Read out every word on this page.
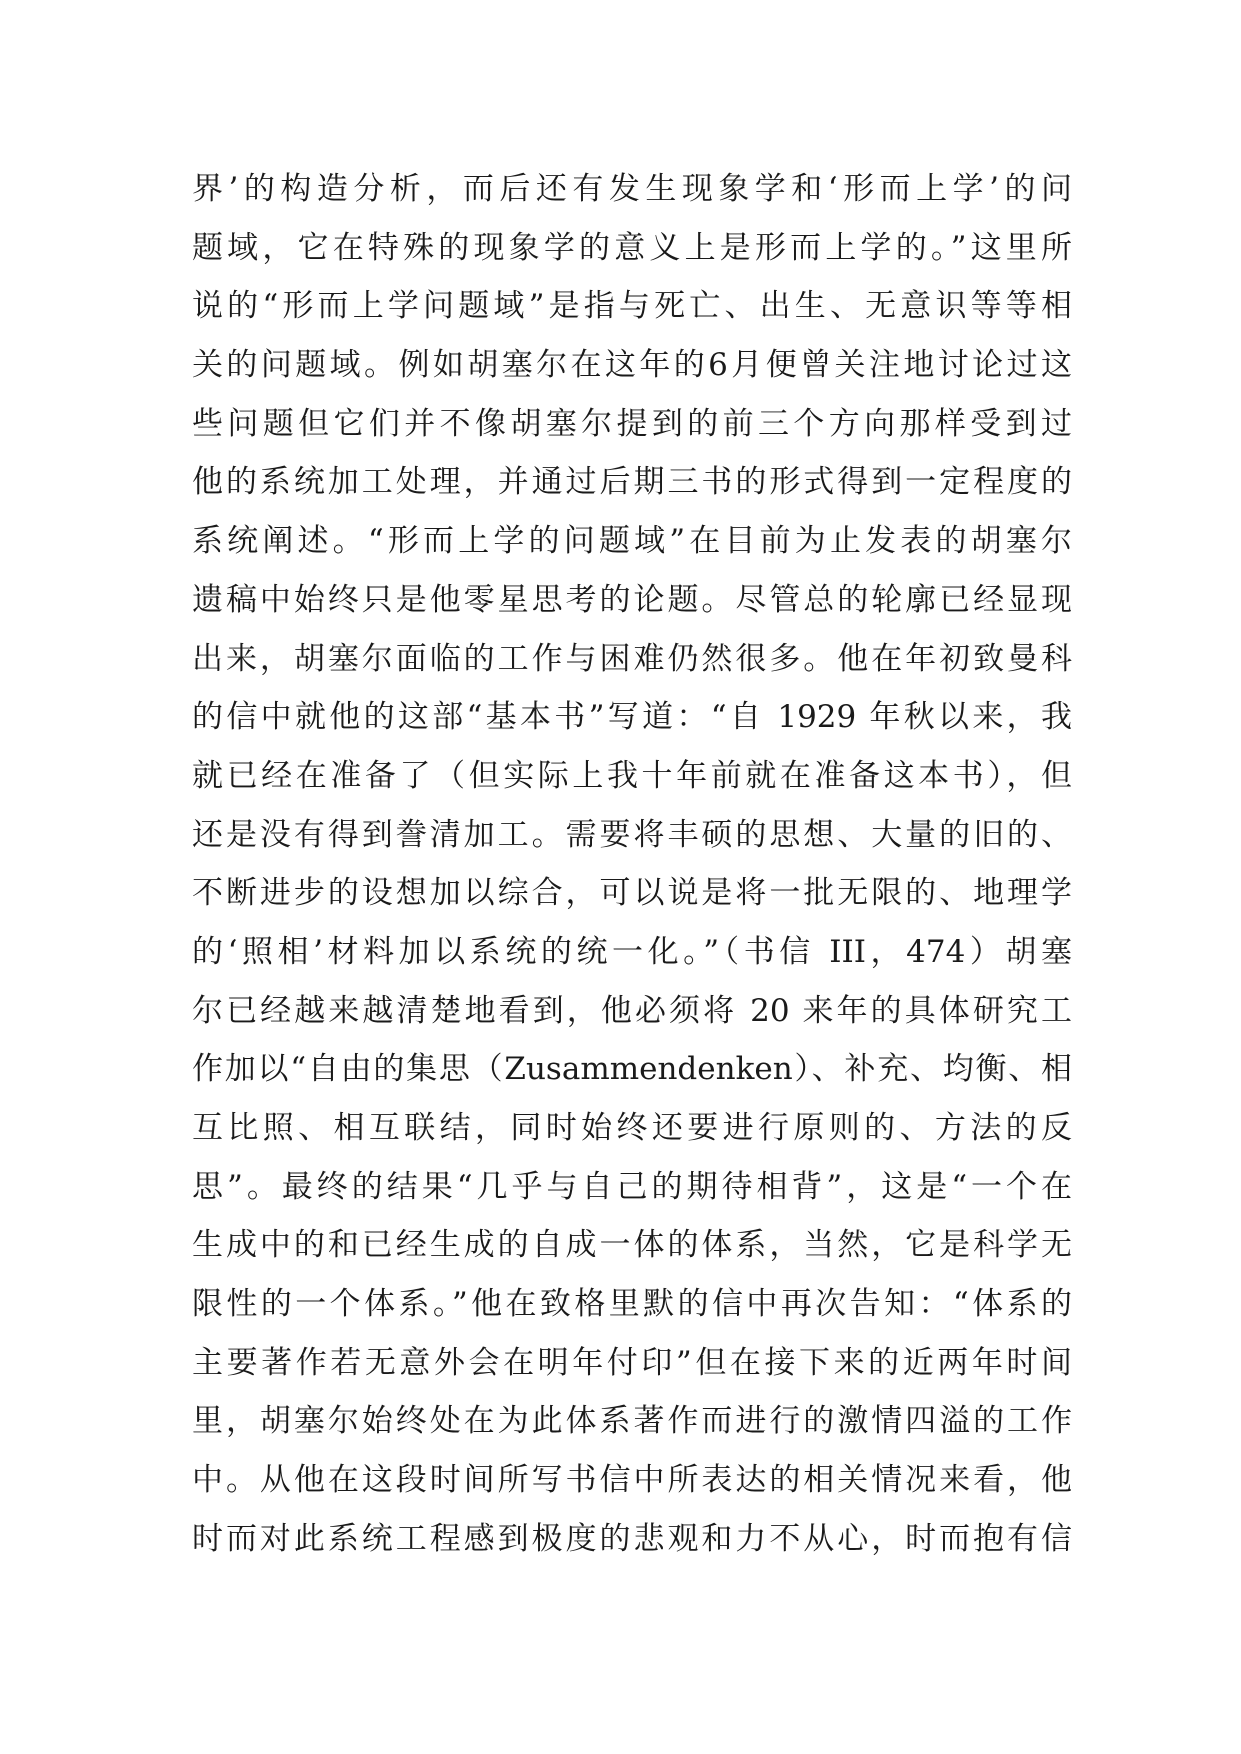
界’的构造分析，而后还有发生现象学和‘形而上学’的问
题域，它在特殊的现象学的意义上是形而上学的。”这里所
说的“形而上学问题域”是指与死亡、出生、无意识等等相
关的问题域。例如胡塞尔在这年的6月便曾关注地讨论过这
些问题但它们并不像胡塞尔提到的前三个方向那样受到过
他的系统加工处理，并通过后期三书的形式得到一定程度的
系统阐述。“形而上学的问题域”在目前为止发表的胡塞尔
遗稿中始终只是他零星思考的论题。尽管总的轮廓已经显现
出来，胡塞尔面临的工作与困难仍然很多。他在年初致曼科
的信中就他的这部“基本书”写道：“自 1929 年秋以来，我
就已经在准备了（但实际上我十年前就在准备这本书），但
还是没有得到誊清加工。需要将丰硕的思想、大量的旧的、
不断进步的设想加以综合，可以说是将一批无限的、地理学
的‘照相’材料加以系统的统一化。”（书信 III，474）胡塞
尔已经越来越清楚地看到，他必须将 20 来年的具体研究工
作加以“自由的集思（Zusammendenken）、补充、均衡、相
互比照、相互联结，同时始终还要进行原则的、方法的反
思”。最终的结果“几乎与自己的期待相背”，这是“一个在
生成中的和已经生成的自成一体的体系，当然，它是科学无
限性的一个体系。”他在致格里默的信中再次告知：“体系的
主要著作若无意外会在明年付印”但在接下来的近两年时间
里，胡塞尔始终处在为此体系著作而进行的激情四溢的工作
中。从他在这段时间所写书信中所表达的相关情况来看，他
时而对此系统工程感到极度的悲观和力不从心，时而抱有信
